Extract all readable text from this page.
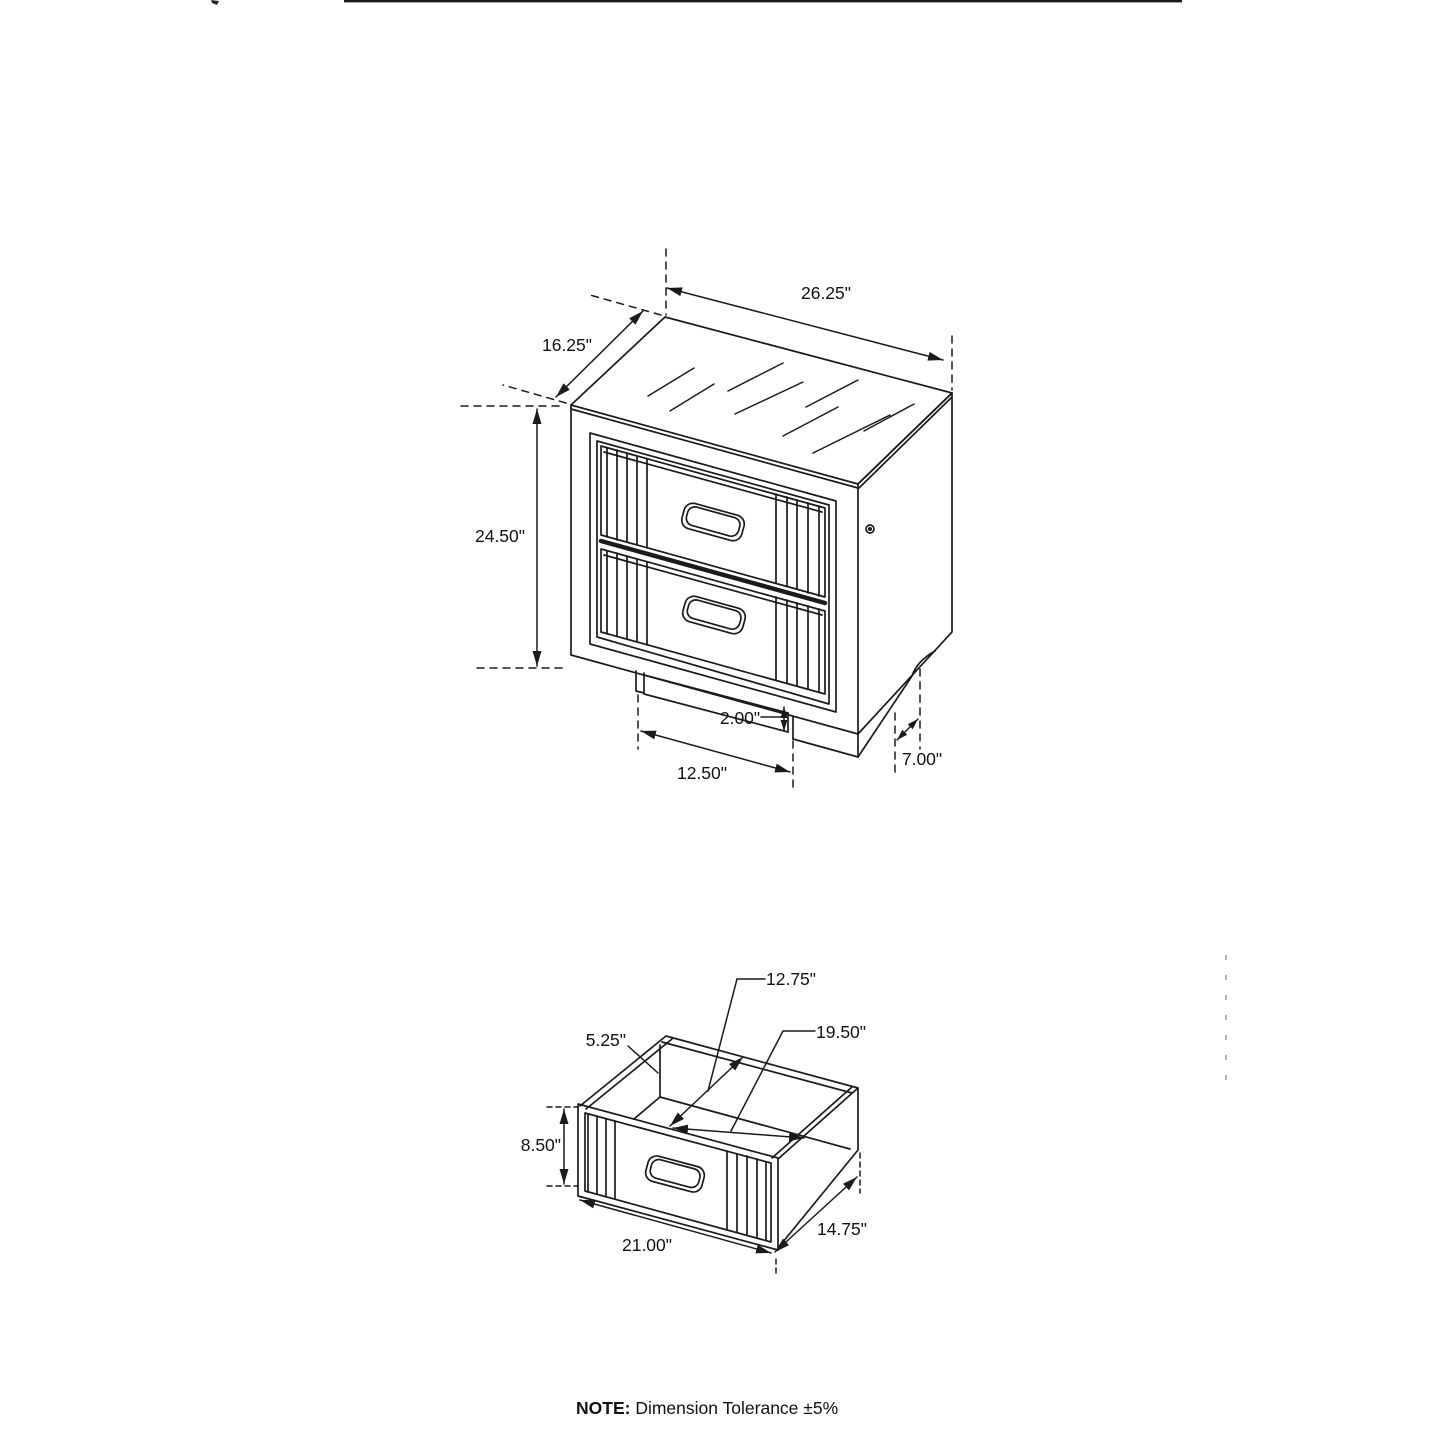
26.25"
16.25"
24.50"
2.00"
12.50"
7.00"
12.75"
19.50"
5.25"
8.50"
21.00"
14.75"
NOTE: Dimension Tolerance ±5%
